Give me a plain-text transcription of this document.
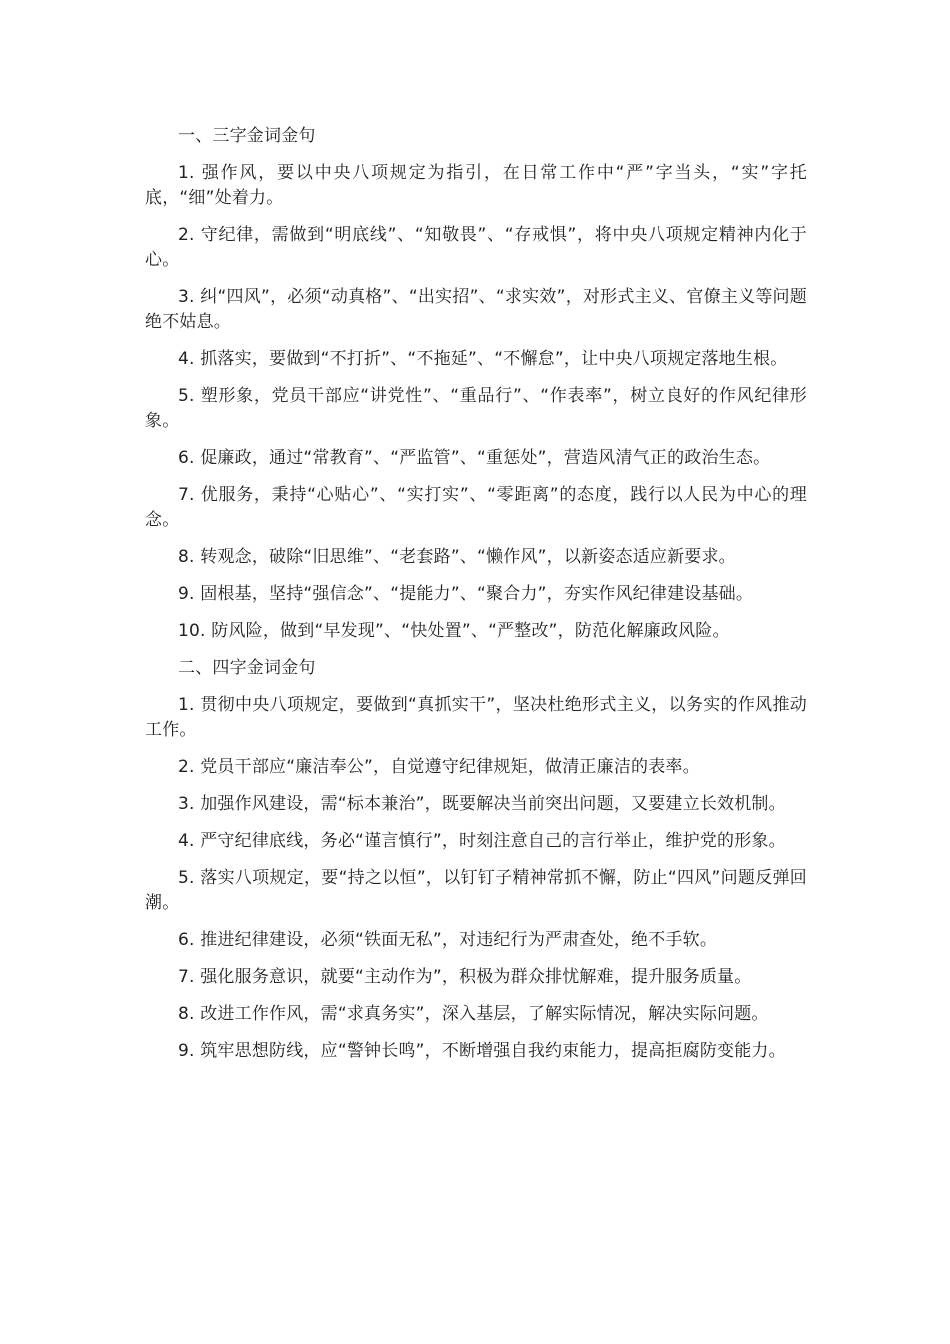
一、三字金词金句

1. 强作风，要以中央八项规定为指引，在日常工作中“严”字当头，“实”字托底，“细”处着力。

2. 守纪律，需做到“明底线”、“知敬畏”、“存戒惧”，将中央八项规定精神内化于心。

3. 纠“四风”，必须“动真格”、“出实招”、“求实效”，对形式主义、官僚主义等问题绝不姑息。

4. 抓落实，要做到“不打折”、“不拖延”、“不懈怠”，让中央八项规定落地生根。

5. 塑形象，党员干部应“讲党性”、“重品行”、“作表率”，树立良好的作风纪律形象。

6. 促廉政，通过“常教育”、“严监管”、“重惩处”，营造风清气正的政治生态。

7. 优服务，秉持“心贴心”、“实打实”、“零距离”的态度，践行以人民为中心的理念。

8. 转观念，破除“旧思维”、“老套路”、“懒作风”，以新姿态适应新要求。

9. 固根基，坚持“强信念”、“提能力”、“聚合力”，夯实作风纪律建设基础。

10. 防风险，做到“早发现”、“快处置”、“严整改”，防范化解廉政风险。

二、四字金词金句

1. 贯彻中央八项规定，要做到“真抓实干”，坚决杜绝形式主义，以务实的作风推动工作。

2. 党员干部应“廉洁奉公”，自觉遵守纪律规矩，做清正廉洁的表率。

3. 加强作风建设，需“标本兼治”，既要解决当前突出问题，又要建立长效机制。

4. 严守纪律底线，务必“谨言慎行”，时刻注意自己的言行举止，维护党的形象。

5. 落实八项规定，要“持之以恒”，以钉钉子精神常抓不懈，防止“四风”问题反弹回潮。

6. 推进纪律建设，必须“铁面无私”，对违纪行为严肃查处，绝不手软。

7. 强化服务意识，就要“主动作为”，积极为群众排忧解难，提升服务质量。

8. 改进工作作风，需“求真务实”，深入基层，了解实际情况，解决实际问题。

9. 筑牢思想防线，应“警钟长鸣”，不断增强自我约束能力，提高拒腐防变能力。
